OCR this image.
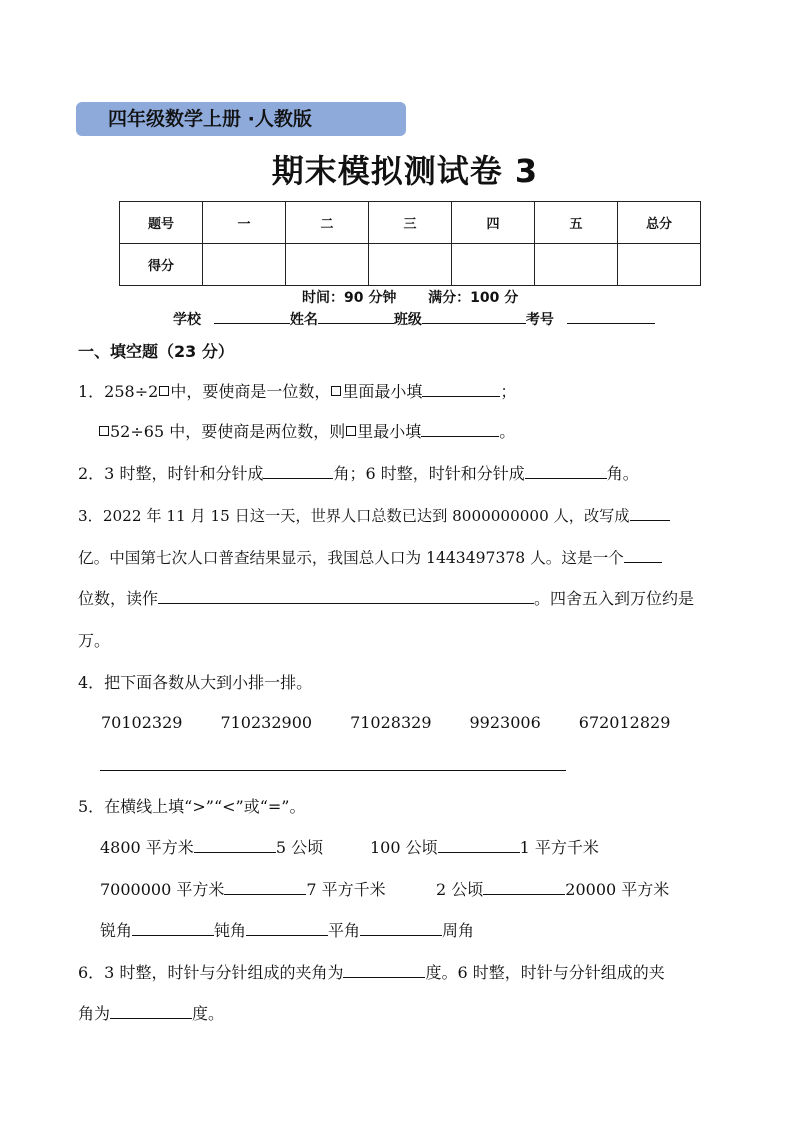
四年级数学上册 ·人教版
期末模拟测试卷 3
题号	一	二	三	四	五	总分
得分						
时间：90 分钟 满分：100 分
学校	姓名	班级	考号
一、填空题（23 分）
1．258÷2 中，要使商是一位数， 里面最小填	；
52÷65 中，要使商是两位数，则 里最小填	。
2．3 时整，时针和分针成	角；6 时整，时针和分针成	角。
3．2022 年 11 月 15 日这一天，世界人口总数已达到 8000000000 人，改写成
亿。中国第七次人口普查结果显示，我国总人口为 1443497378 人。这是一个
位数，读作	。四舍五入到万位约是
万。
4．把下面各数从大到小排一排。
70102329 710232900 71028329 9923006 672012829
5．在横线上填“>”“<”或“=”。
4800 平方米	5 公顷	100 公顷	1 平方千米
7000000 平方米	7 平方千米	2 公顷	20000 平方米
锐角	钝角	平角	周角
6．3 时整，时针与分针组成的夹角为	度。6 时整，时针与分针组成的夹
角为	度。
